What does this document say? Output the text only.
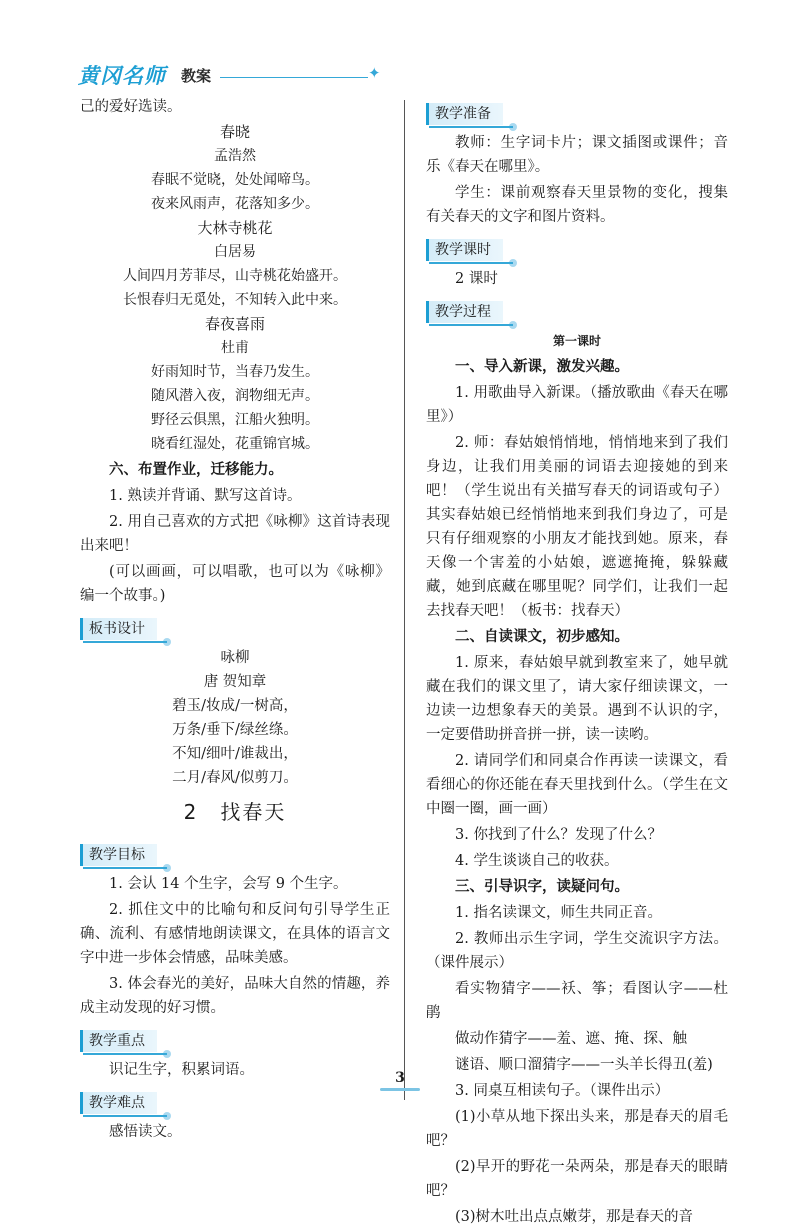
黄冈名师 教案	✦

己的爱好选读。

春晓

孟浩然

春眠不觉晓，处处闻啼鸟。

夜来风雨声，花落知多少。

大林寺桃花

白居易

人间四月芳菲尽，山寺桃花始盛开。

长恨春归无觅处，不知转入此中来。

春夜喜雨

杜甫

好雨知时节，当春乃发生。

随风潜入夜，润物细无声。

野径云俱黑，江船火独明。

晓看红湿处，花重锦官城。

六、布置作业，迁移能力。

1. 熟读并背诵、默写这首诗。

2. 用自己喜欢的方式把《咏柳》这首诗表现出来吧！

(可以画画，可以唱歌，也可以为《咏柳》编一个故事。)

板书设计

咏柳

唐 贺知章

碧玉/妆成/一树高，

万条/垂下/绿丝绦。

不知/细叶/谁裁出，

二月/春风/似剪刀。

2 找春天
教学目标

1. 会认 14 个生字，会写 9 个生字。

2. 抓住文中的比喻句和反问句引导学生正确、流利、有感情地朗读课文，在具体的语言文字中进一步体会情感，品味美感。

3. 体会春光的美好，品味大自然的情趣，养成主动发现的好习惯。

教学重点

识记生字，积累词语。

教学难点

感悟读文。

教学准备

教师：生字词卡片；课文插图或课件；音乐《春天在哪里》。

学生：课前观察春天里景物的变化，搜集有关春天的文字和图片资料。

教学课时

2 课时

教学过程

第一课时

一、导入新课，激发兴趣。

1. 用歌曲导入新课。（播放歌曲《春天在哪里》）

2. 师：春姑娘悄悄地，悄悄地来到了我们身边，让我们用美丽的词语去迎接她的到来吧！（学生说出有关描写春天的词语或句子）其实春姑娘已经悄悄地来到我们身边了，可是只有仔细观察的小朋友才能找到她。原来，春天像一个害羞的小姑娘，遮遮掩掩，躲躲藏藏，她到底藏在哪里呢？同学们，让我们一起去找春天吧！（板书：找春天）

二、自读课文，初步感知。

1. 原来，春姑娘早就到教室来了，她早就藏在我们的课文里了，请大家仔细读课文，一边读一边想象春天的美景。遇到不认识的字，一定要借助拼音拼一拼，读一读哟。

2. 请同学们和同桌合作再读一读课文，看看细心的你还能在春天里找到什么。（学生在文中圈一圈，画一画）

3. 你找到了什么？发现了什么？

4. 学生谈谈自己的收获。

三、引导识字，读疑问句。

1. 指名读课文，师生共同正音。

2. 教师出示生字词，学生交流识字方法。（课件展示）

看实物猜字——袄、筝；看图认字——杜鹃

做动作猜字——羞、遮、掩、探、触

谜语、顺口溜猜字——一头羊长得丑(羞)

3. 同桌互相读句子。（课件出示）

(1)小草从地下探出头来，那是春天的眉毛吧？

(2)早开的野花一朵两朵，那是春天的眼睛吧？

(3)树木吐出点点嫩芽，那是春天的音

3
